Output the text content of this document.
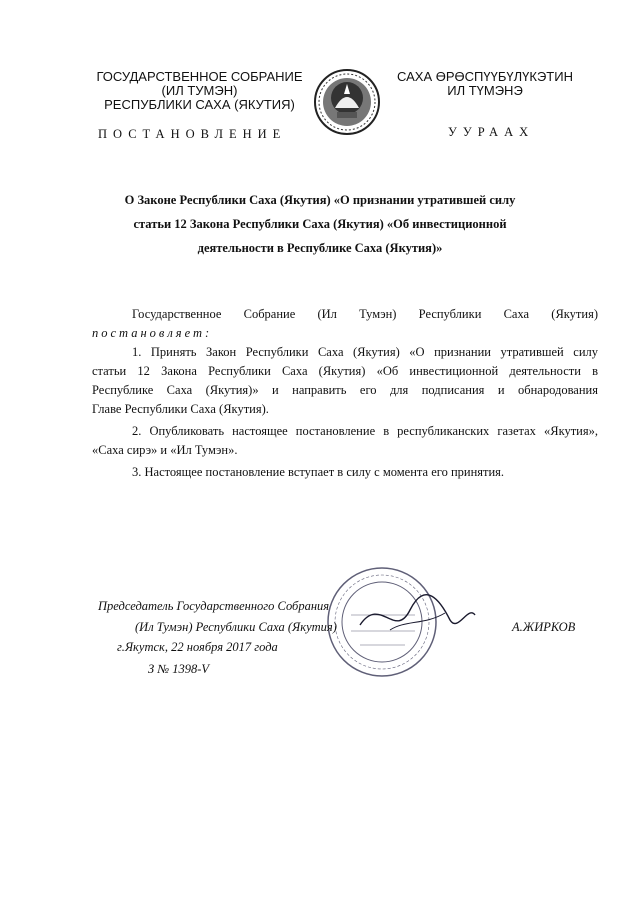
ГОСУДАРСТВЕННОЕ СОБРАНИЕ
(ИЛ ТУМЭН)
РЕСПУБЛИКИ САХА (ЯКУТИЯ)
САХА ӨРӨСПҮҮБҮЛҮКЭТИН
ИЛ ТҮМЭНЭ
ПОСТАНОВЛЕНИЕ	УУРААХ
О Законе Республики Саха (Якутия) «О признании утратившей силу
статьи 12 Закона Республики Саха (Якутия) «Об инвестиционной
деятельности в Республике Саха (Якутия)»
Государственное   Собрание   (Ил   Тумэн)   Республики   Саха   (Якутия)
постановляет:
1. Принять Закон Республики Саха (Якутия) «О признании утратившей силу
статьи 12 Закона Республики Саха (Якутия) «Об инвестиционной деятельности в
Республике Саха (Якутия)» и направить его для подписания и обнародования
Главе Республики Саха (Якутия).
2. Опубликовать настоящее постановление в республиканских газетах «Якутия»,
«Саха сирэ» и «Ил Тумэн».
3. Настоящее постановление вступает в силу с момента его принятия.
Председатель Государственного Собрания
(Ил Тумэн) Республики Саха (Якутия)	А.ЖИРКОВ
г.Якутск, 22 ноября 2017 года
З № 1398-V
